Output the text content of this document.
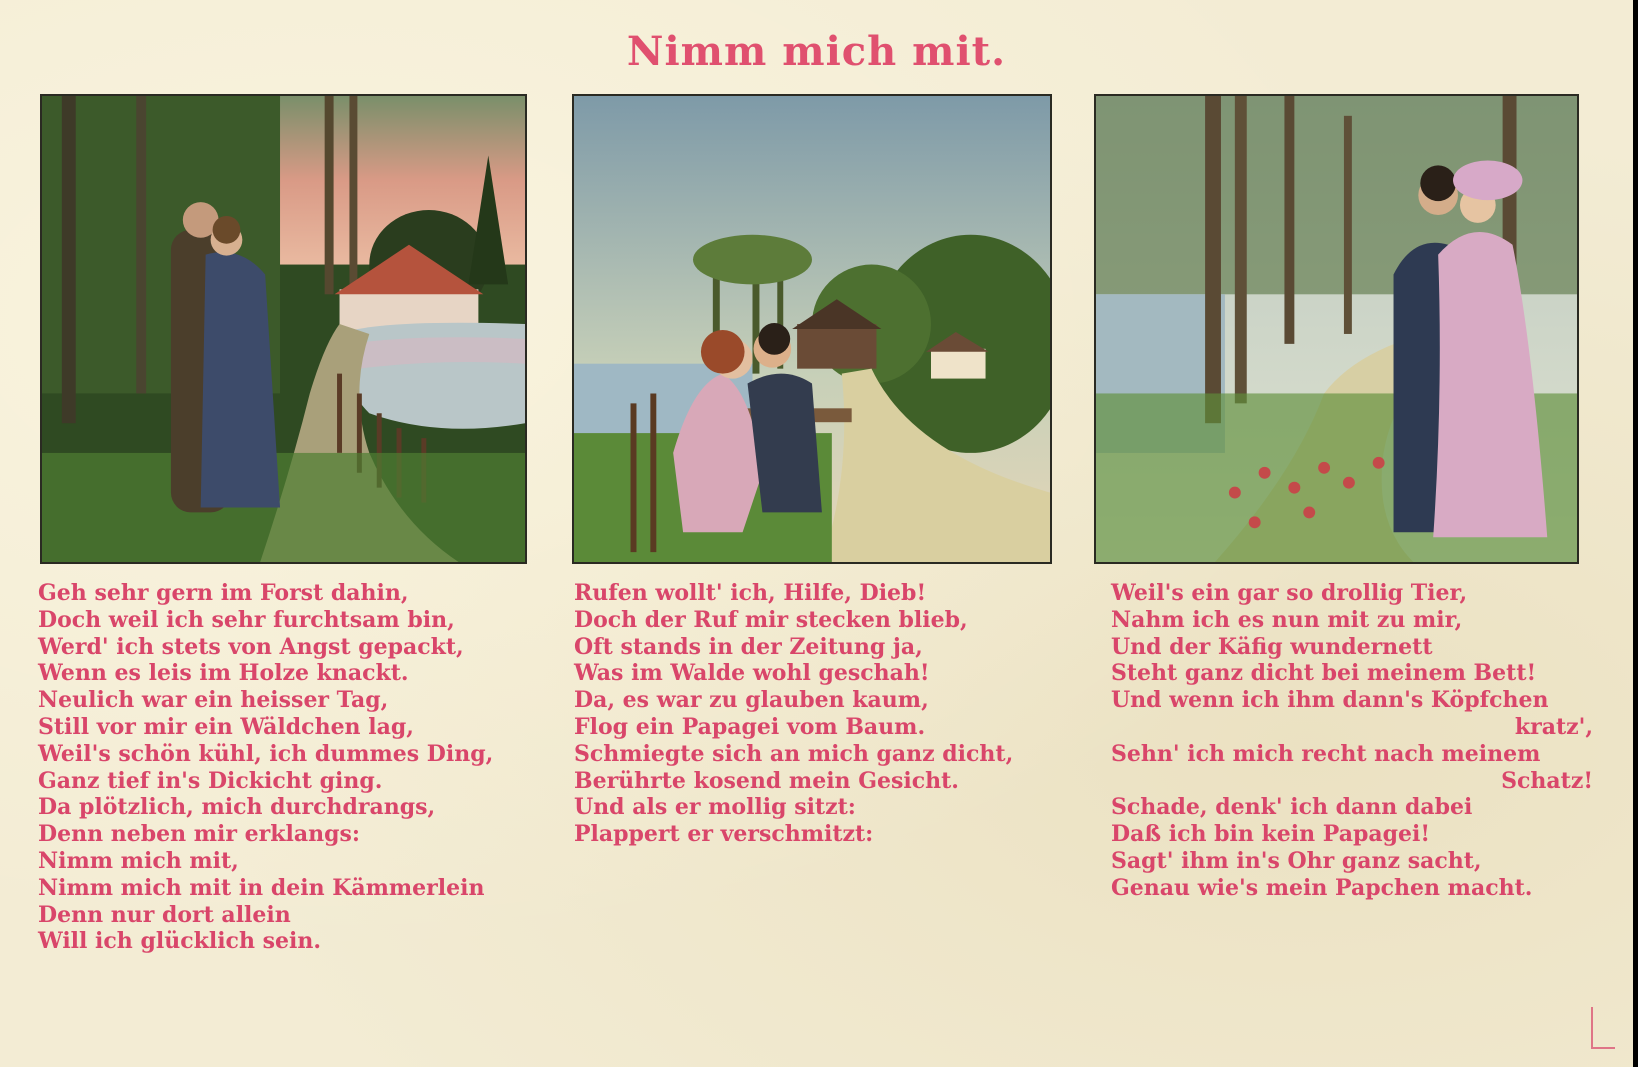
Nimm mich mit.
Geh sehr gern im Forst dahin,
Doch weil ich sehr furchtsam bin,
Werd' ich stets von Angst gepackt,
Wenn es leis im Holze knackt.
Neulich war ein heisser Tag,
Still vor mir ein Wäldchen lag,
Weil's schön kühl, ich dummes Ding,
Ganz tief in's Dickicht ging.
Da plötzlich, mich durchdrangs,
Denn neben mir erklangs:
Nimm mich mit,
Nimm mich mit in dein Kämmerlein
Denn nur dort allein
Will ich glücklich sein.
Rufen wollt' ich, Hilfe, Dieb!
Doch der Ruf mir stecken blieb,
Oft stands in der Zeitung ja,
Was im Walde wohl geschah!
Da, es war zu glauben kaum,
Flog ein Papagei vom Baum.
Schmiegte sich an mich ganz dicht,
Berührte kosend mein Gesicht.
Und als er mollig sitzt:
Plappert er verschmitzt:
Weil's ein gar so drollig Tier,
Nahm ich es nun mit zu mir,
Und der Käfig wundernett
Steht ganz dicht bei meinem Bett!
Und wenn ich ihm dann's Köpfchen
kratz',
Sehn' ich mich recht nach meinem
Schatz!
Schade, denk' ich dann dabei
Daß ich bin kein Papagei!
Sagt' ihm in's Ohr ganz sacht,
Genau wie's mein Papchen macht.
